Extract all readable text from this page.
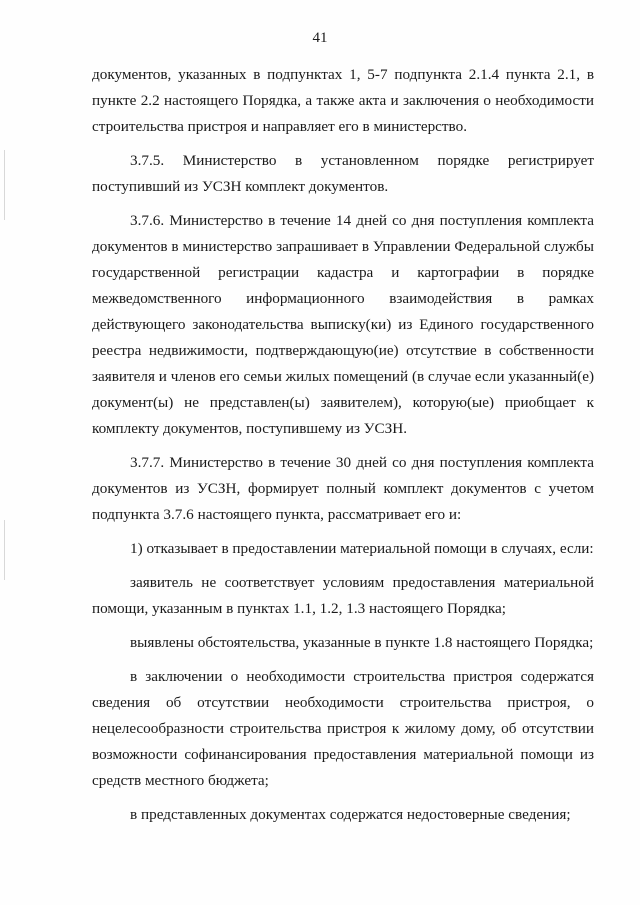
41

документов, указанных в подпунктах 1, 5-7 подпункта 2.1.4 пункта 2.1, в пункте 2.2 настоящего Порядка, а также акта и заключения о необходимости строительства пристроя и направляет его в министерство.

3.7.5. Министерство в установленном порядке регистрирует поступивший из УСЗН комплект документов.

3.7.6. Министерство в течение 14 дней со дня поступления комплекта документов в министерство запрашивает в Управлении Федеральной службы государственной регистрации кадастра и картографии в порядке межведомственного информационного взаимодействия в рамках действующего законодательства выписку(ки) из Единого государственного реестра недвижимости, подтверждающую(ие) отсутствие в собственности заявителя и членов его семьи жилых помещений (в случае если указанный(е) документ(ы) не представлен(ы) заявителем), которую(ые) приобщает к комплекту документов, поступившему из УСЗН.

3.7.7. Министерство в течение 30 дней со дня поступления комплекта документов из УСЗН, формирует полный комплект документов с учетом подпункта 3.7.6 настоящего пункта, рассматривает его и:

1) отказывает в предоставлении материальной помощи в случаях, если:

заявитель не соответствует условиям предоставления материальной помощи, указанным в пунктах 1.1, 1.2, 1.3 настоящего Порядка;

выявлены обстоятельства, указанные в пункте 1.8 настоящего Порядка;

в заключении о необходимости строительства пристроя содержатся сведения об отсутствии необходимости строительства пристроя, о нецелесообразности строительства пристроя к жилому дому, об отсутствии возможности софинансирования предоставления материальной помощи из средств местного бюджета;

в представленных документах содержатся недостоверные сведения;
